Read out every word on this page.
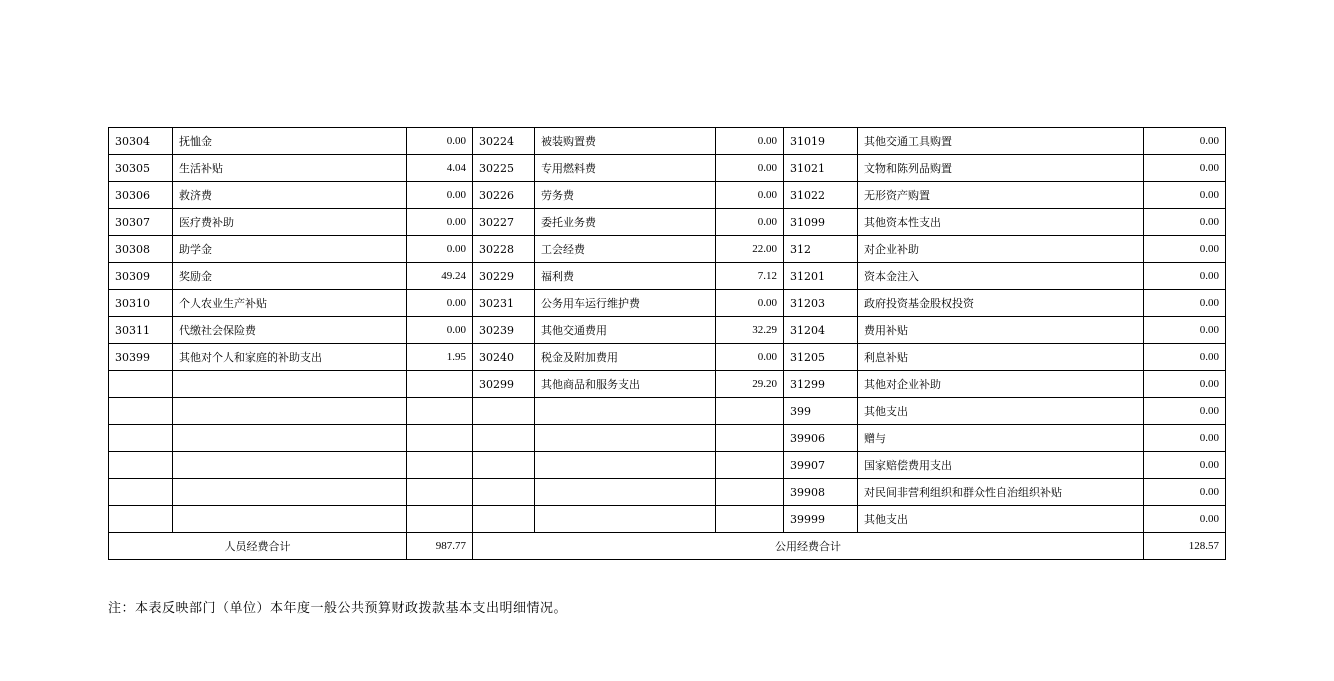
30304	抚恤金	0.00	30224	被装购置费	0.00	31019	其他交通工具购置	0.00
30305	生活补贴	4.04	30225	专用燃料费	0.00	31021	文物和陈列品购置	0.00
30306	救济费	0.00	30226	劳务费	0.00	31022	无形资产购置	0.00
30307	医疗费补助	0.00	30227	委托业务费	0.00	31099	其他资本性支出	0.00
30308	助学金	0.00	30228	工会经费	22.00	312	对企业补助	0.00
30309	奖励金	49.24	30229	福利费	7.12	31201	资本金注入	0.00
30310	个人农业生产补贴	0.00	30231	公务用车运行维护费	0.00	31203	政府投资基金股权投资	0.00
30311	代缴社会保险费	0.00	30239	其他交通费用	32.29	31204	费用补贴	0.00
30399	其他对个人和家庭的补助支出	1.95	30240	税金及附加费用	0.00	31205	利息补贴	0.00
			30299	其他商品和服务支出	29.20	31299	其他对企业补助	0.00
						399	其他支出	0.00
						39906	赠与	0.00
						39907	国家赔偿费用支出	0.00
						39908	对民间非营利组织和群众性自治组织补贴	0.00
						39999	其他支出	0.00
人员经费合计		987.77	公用经费合计					128.57
注：本表反映部门（单位）本年度一般公共预算财政拨款基本支出明细情况。
